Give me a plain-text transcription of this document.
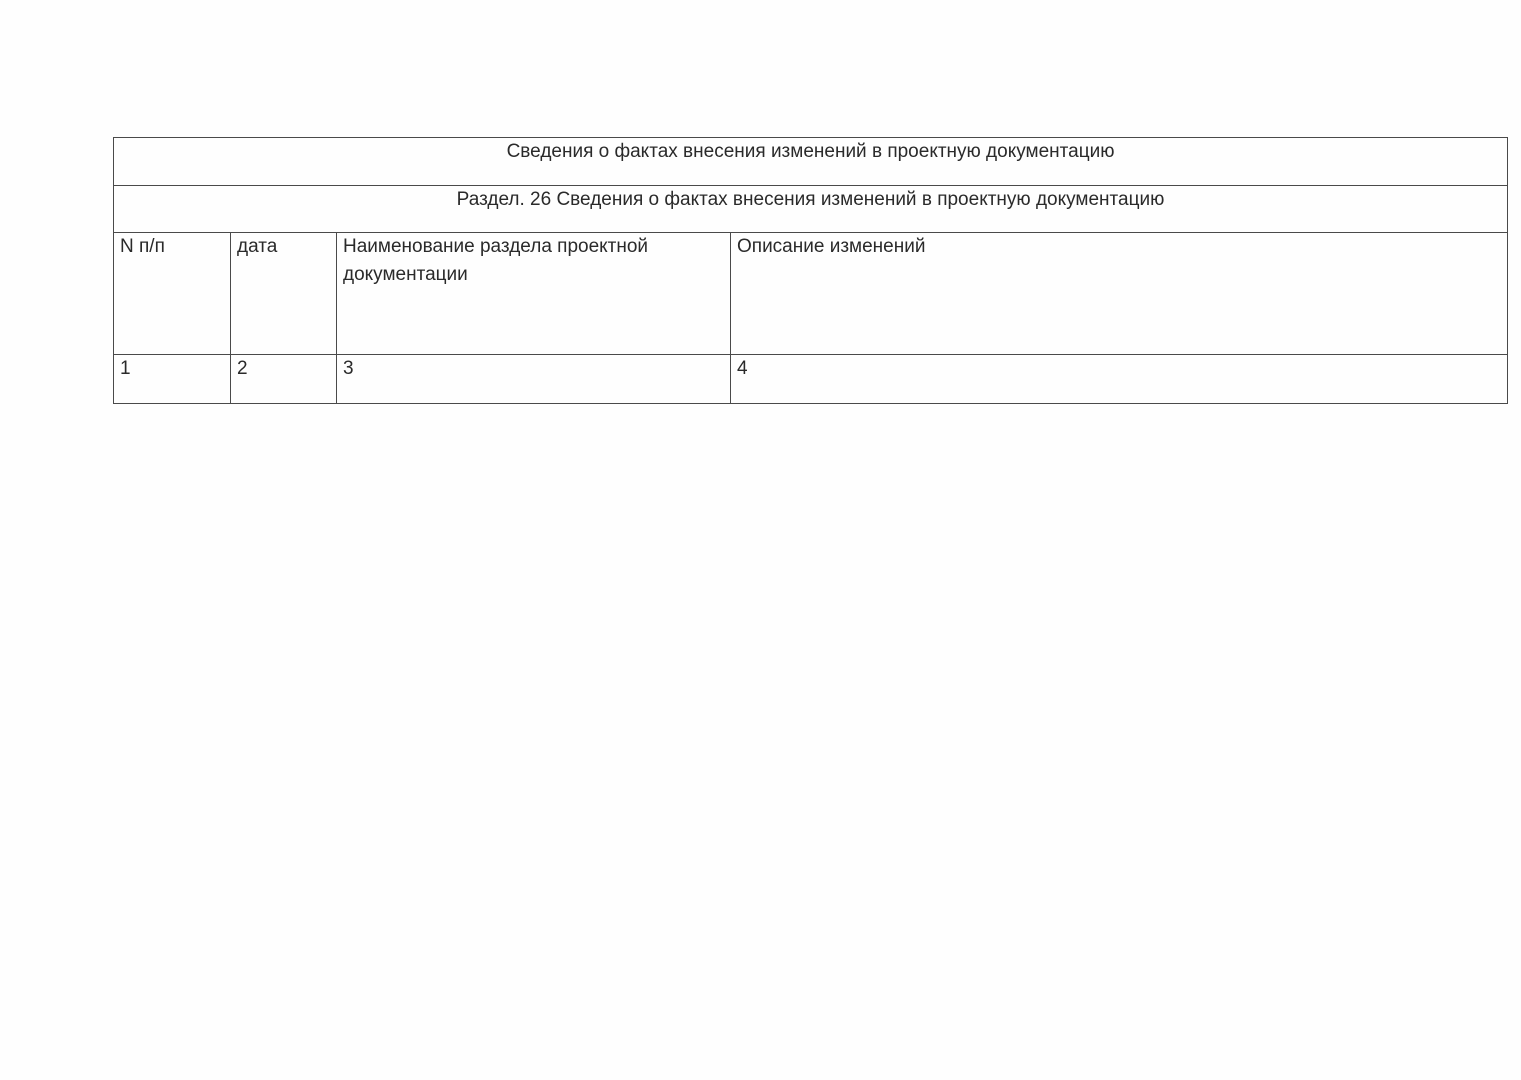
Сведения о фактах внесения изменений в проектную документацию			
Раздел. 26 Сведения о фактах внесения изменений в проектную документацию			
N п/п	дата	Наименование раздела проектной документации	Описание изменений
1	2	3	4
